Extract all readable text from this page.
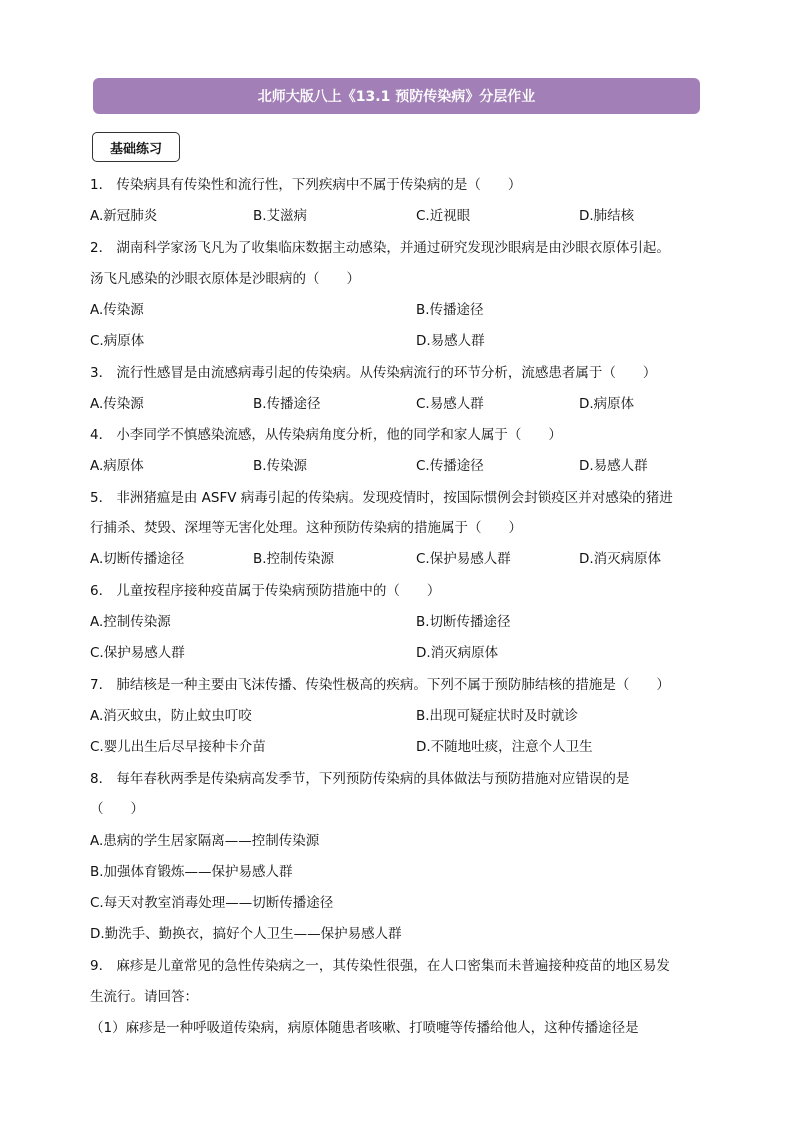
北师大版八上《13.1 预防传染病》分层作业
基础练习
1． 传染病具有传染性和流行性，下列疾病中不属于传染病的是（　　）
A.新冠肺炎	B.艾滋病	C.近视眼	D.肺结核
2． 湖南科学家汤飞凡为了收集临床数据主动感染，并通过研究发现沙眼病是由沙眼衣原体引起。
汤飞凡感染的沙眼衣原体是沙眼病的（　　）
A.传染源	B.传播途径
C.病原体	D.易感人群
3． 流行性感冒是由流感病毒引起的传染病。从传染病流行的环节分析，流感患者属于（　　）
A.传染源	B.传播途径	C.易感人群	D.病原体
4． 小李同学不慎感染流感，从传染病角度分析，他的同学和家人属于（　　）
A.病原体	B.传染源	C.传播途径	D.易感人群
5． 非洲猪瘟是由 ASFV 病毒引起的传染病。发现疫情时，按国际惯例会封锁疫区并对感染的猪进
行捕杀、焚毁、深埋等无害化处理。这种预防传染病的措施属于（　　）
A.切断传播途径	B.控制传染源	C.保护易感人群	D.消灭病原体
6． 儿童按程序接种疫苗属于传染病预防措施中的（　　）
A.控制传染源	B.切断传播途径
C.保护易感人群	D.消灭病原体
7． 肺结核是一种主要由飞沫传播、传染性极高的疾病。下列不属于预防肺结核的措施是（　　）
A.消灭蚊虫，防止蚊虫叮咬	B.出现可疑症状时及时就诊
C.婴儿出生后尽早接种卡介苗	D.不随地吐痰，注意个人卫生
8． 每年春秋两季是传染病高发季节，下列预防传染病的具体做法与预防措施对应错误的是
（　　）
A.患病的学生居家隔离——控制传染源
B.加强体育锻炼——保护易感人群
C.每天对教室消毒处理——切断传播途径
D.勤洗手、勤换衣，搞好个人卫生——保护易感人群
9． 麻疹是儿童常见的急性传染病之一，其传染性很强，在人口密集而未普遍接种疫苗的地区易发
生流行。请回答：
（1）麻疹是一种呼吸道传染病，病原体随患者咳嗽、打喷嚏等传播给他人，这种传播途径是
